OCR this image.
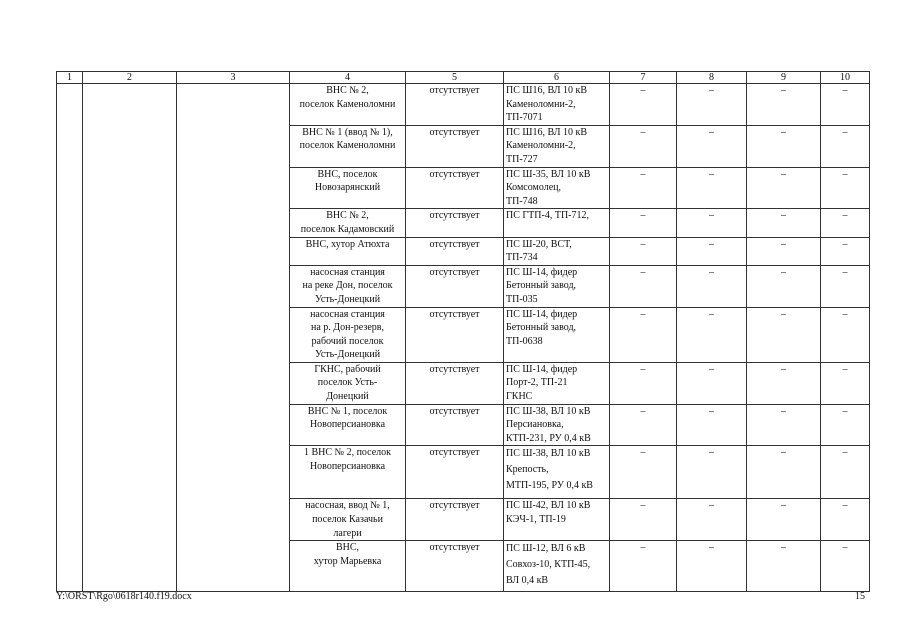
1	2	3	4	5	6	7	8	9	10
			ВНС № 2,
поселок Каменоломни	отсутствует	ПС Ш16, ВЛ 10 кВ
Каменоломни-2,
ТП-7071	–	–	–	–
			ВНС № 1 (ввод № 1),
поселок Каменоломни	отсутствует	ПС Ш16, ВЛ 10 кВ
Каменоломни-2,
ТП-727	–	–	–	–
			ВНС, поселок
Новозарянский	отсутствует	ПС Ш-35, ВЛ 10 кВ
Комсомолец,
ТП-748	–	–	–	–
			ВНС № 2,
поселок Кадамовский	отсутствует	ПС ГТП-4, ТП-712,	–	–	–	–
			ВНС, хутор Атюхта	отсутствует	ПС Ш-20, ВСТ,
ТП-734	–	–	–	–
			насосная станция
на реке Дон, поселок
Усть-Донецкий	отсутствует	ПС Ш-14, фидер
Бетонный завод,
ТП-035	–	–	–	–
			насосная станция
на р. Дон-резерв,
рабочий поселок
Усть-Донецкий	отсутствует	ПС Ш-14, фидер
Бетонный завод,
ТП-0638	–	–	–	–
			ГКНС, рабочий
поселок Усть-
Донецкий	отсутствует	ПС Ш-14, фидер
Порт-2, ТП-21
ГКНС	–	–	–	–
			ВНС № 1, поселок
Новоперсиановка	отсутствует	ПС Ш-38, ВЛ 10 кВ
Персиановка,
КТП-231, РУ 0,4 кВ	–	–	–	–
			1 ВНС № 2, поселок
Новоперсиановка	отсутствует	ПС Ш-38, ВЛ 10 кВ
Крепость,
МТП-195, РУ 0,4 кВ	–	–	–	–
			насосная, ввод № 1,
поселок Казачьи
лагери	отсутствует	ПС Ш-42, ВЛ 10 кВ
КЭЧ-1, ТП-19	–	–	–	–
			ВНС,
хутор Марьевка	отсутствует	ПС Ш-12, ВЛ 6 кВ
Совхоз-10, КТП-45,
ВЛ 0,4 кВ	–	–	–	–
Y:\ORST\Rgo\0618r140.f19.docx	15
